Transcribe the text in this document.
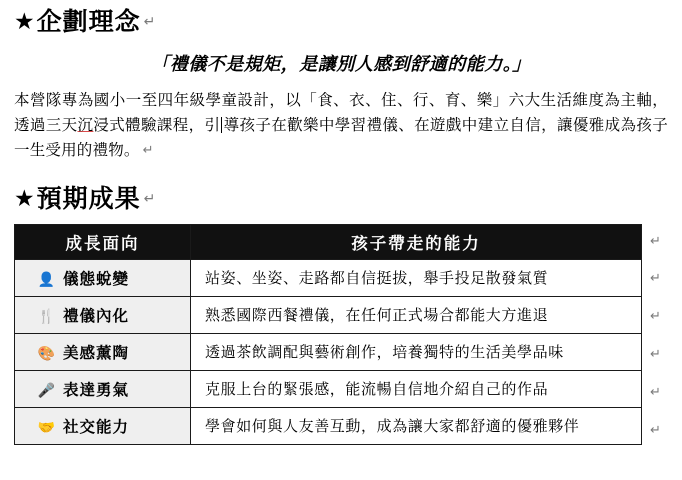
★ 企劃理念 ↵
「禮儀不是規矩，是讓別人感到舒適的能力。」
本營隊專為國小一至四年級學童設計，以「食、衣、住、行、育、樂」六大生活維度為主軸，透過三天沉浸式體驗課程，引 導孩子在歡樂中學習禮儀、在遊戲中建立自信，讓優雅成為孩子一生受用的禮物。 ↵
★ 預期成果 ↵
成長面向	孩子帶走的能力
👤 儀態蛻變	站姿、坐姿、走路都自信挺拔，舉手投足散發氣質
🍴 禮儀內化	熟悉國際西餐禮儀，在任何正式場合都能大方進退
🎨 美感薰陶	透過茶飲調配與藝術創作，培養獨特的生活美學品味
🎤 表達勇氣	克服上台的緊張感，能流暢自信地介紹自己的作品
🤝 社交能力	學會如何與人友善互動，成為讓大家都舒適的優雅夥伴
↵
↵
↵
↵
↵
↵
